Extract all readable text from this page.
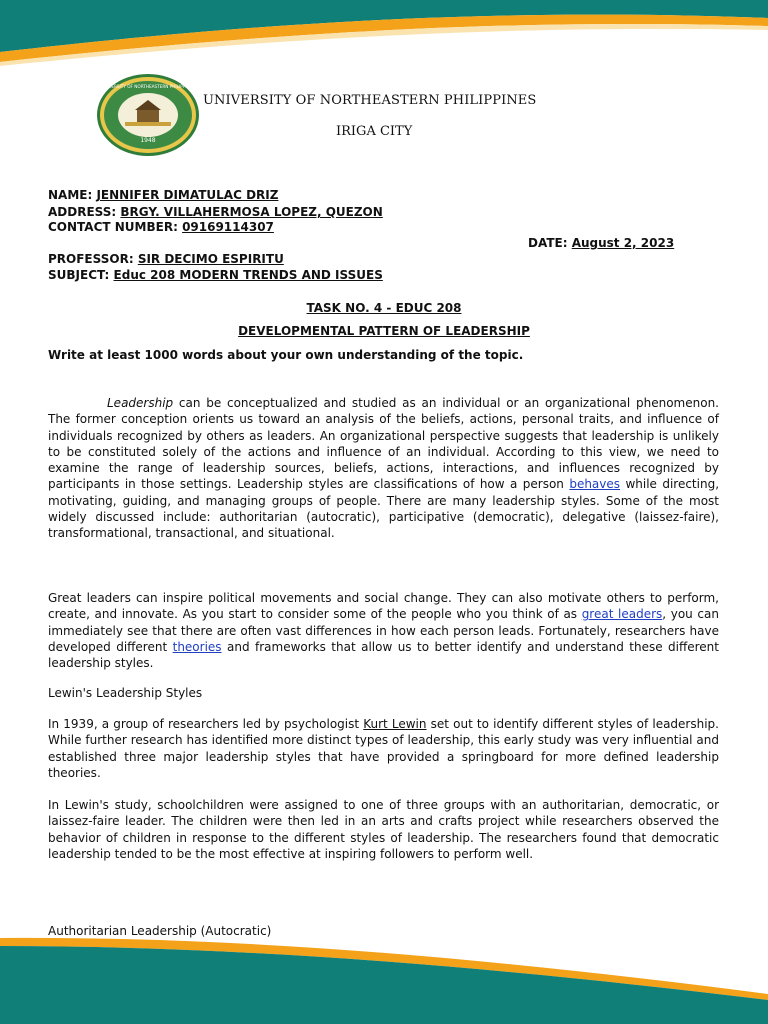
1948
UNIVERSITY OF NORTHEASTERN PHILIPPINES
UNIVERSITY OF NORTHEASTERN PHILIPPINES
IRIGA CITY
NAME: JENNIFER DIMATULAC DRIZ
ADDRESS: BRGY. VILLAHERMOSA LOPEZ, QUEZON
CONTACT NUMBER: 09169114307
DATE: August 2, 2023
PROFESSOR: SIR DECIMO ESPIRITU
SUBJECT: Educ 208 MODERN TRENDS AND ISSUES
TASK NO. 4 - EDUC 208
DEVELOPMENTAL PATTERN OF LEADERSHIP
Write at least 1000 words about your own understanding of the topic.
Leadership can be conceptualized and studied as an individual or an organizational phenomenon. The former conception orients us toward an analysis of the beliefs, actions, personal traits, and influence of individuals recognized by others as leaders. An organizational perspective suggests that leadership is unlikely to be constituted solely of the actions and influence of an individual. According to this view, we need to examine the range of leadership sources, beliefs, actions, interactions, and influences recognized by participants in those settings. Leadership styles are classifications of how a person behaves while directing, motivating, guiding, and managing groups of people. There are many leadership styles. Some of the most widely discussed include: authoritarian (autocratic), participative (democratic), delegative (laissez-faire), transformational, transactional, and situational.
Great leaders can inspire political movements and social change. They can also motivate others to perform, create, and innovate. As you start to consider some of the people who you think of as great leaders, you can immediately see that there are often vast differences in how each person leads. Fortunately, researchers have developed different theories and frameworks that allow us to better identify and understand these different leadership styles.
Lewin's Leadership Styles
In 1939, a group of researchers led by psychologist Kurt Lewin set out to identify different styles of leadership. While further research has identified more distinct types of leadership, this early study was very influential and established three major leadership styles that have provided a springboard for more defined leadership theories.
In Lewin's study, schoolchildren were assigned to one of three groups with an authoritarian, democratic, or laissez-faire leader. The children were then led in an arts and crafts project while researchers observed the behavior of children in response to the different styles of leadership. The researchers found that democratic leadership tended to be the most effective at inspiring followers to perform well.
Authoritarian Leadership (Autocratic)
